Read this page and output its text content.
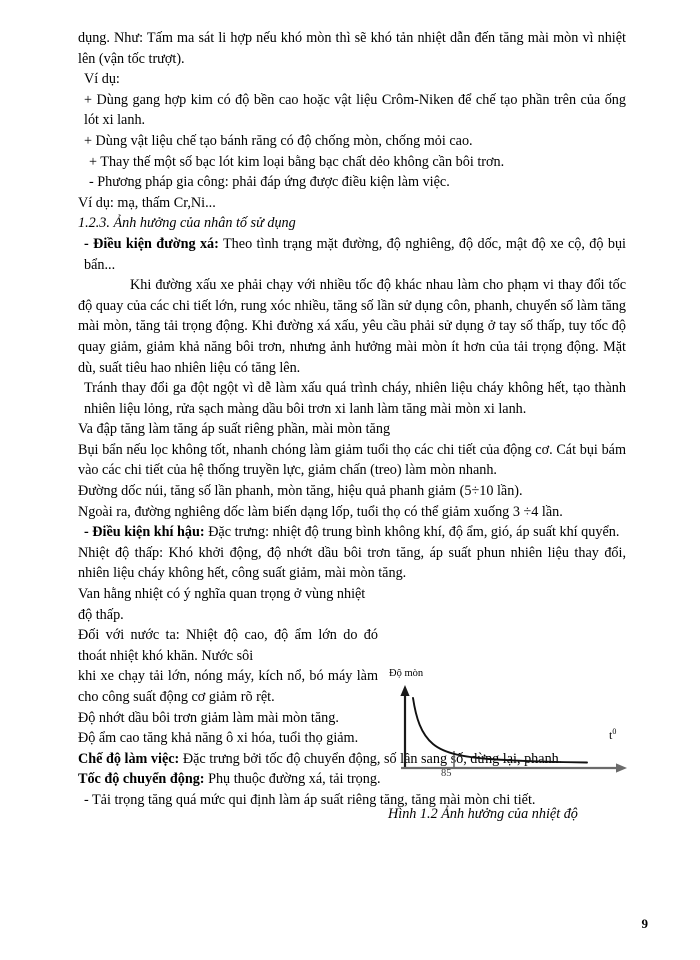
dụng. Như: Tấm ma sát li hợp nếu khó mòn thì sẽ khó tản nhiệt dẫn đến tăng mài mòn vì nhiệt lên (vận tốc trượt).

Ví dụ:

+ Dùng gang hợp kim có độ bền cao hoặc vật liệu Crôm-Niken để chế tạo phần trên của ống lót xi lanh.

+ Dùng vật liệu chế tạo bánh răng có độ chống mòn, chống mỏi cao.

+ Thay thế một số bạc lót kim loại bằng bạc chất dẻo không cần bôi trơn.

- Phương pháp gia công: phải đáp ứng được điều kiện làm việc.

Ví dụ: mạ, thấm Cr,Ni...

1.2.3. Ảnh hưởng của nhân tố sử dụng

- Điều kiện đường xá: Theo tình trạng mặt đường, độ nghiêng, độ dốc, mật độ xe cộ, độ bụi bẩn...

Khi đường xấu xe phải chạy với nhiều tốc độ khác nhau làm cho phạm vi thay đổi tốc độ quay của các chi tiết lớn, rung xóc nhiều, tăng số lần sử dụng côn, phanh, chuyển số làm tăng mài mòn, tăng tải trọng động. Khi đường xá xấu, yêu cầu phải sử dụng ở tay số thấp, tuy tốc độ quay giảm, giảm khả năng bôi trơn, nhưng ảnh hưởng mài mòn ít hơn của tải trọng động. Mặt dù, suất tiêu hao nhiên liệu có tăng lên.

Tránh thay đổi ga đột ngột vì dễ làm xấu quá trình cháy, nhiên liệu cháy không hết, tạo thành nhiên liệu lỏng, rửa sạch màng dầu bôi trơn xi lanh làm tăng mài mòn xi lanh.

Va đập tăng làm tăng áp suất riêng phần, mài mòn tăng

Bụi bẩn nếu lọc không tốt, nhanh chóng làm giảm tuổi thọ các chi tiết của động cơ. Cát bụi bám vào các chi tiết của hệ thống truyền lực, giảm chấn (treo) làm mòn nhanh.

Đường dốc núi, tăng số lần phanh, mòn tăng, hiệu quả phanh giảm (5÷10 lần).

Ngoài ra, đường nghiêng dốc làm biến dạng lốp, tuổi thọ có thể giảm xuống 3 ÷4 lần.

- Điều kiện khí hậu: Đặc trưng: nhiệt độ trung bình không khí, độ ẩm, gió, áp suất khí quyển.

Nhiệt độ thấp: Khó khởi động, độ nhớt dầu bôi trơn tăng, áp suất phun nhiên liệu thay đổi, nhiên liệu cháy không hết, công suất giảm, mài mòn tăng.

Van hằng nhiệt có ý nghĩa quan trọng ở vùng nhiệt độ thấp.

Đối với nước ta: Nhiệt độ cao, độ ẩm lớn do đó thoát nhiệt khó khăn. Nước sôi

khi xe chạy tải lớn, nóng máy, kích nổ, bó máy làm cho công suất động cơ giảm rõ rệt.

Độ nhớt dầu bôi trơn giảm làm mài mòn tăng.

Độ ẩm cao tăng khả năng ô xi hóa, tuổi thọ giảm.

Chế độ làm việc: Đặc trưng bởi tốc độ chuyển động, số lần sang số, dừng lại, phanh.

Tốc độ chuyển động: Phụ thuộc đường xá, tải trọng.

- Tải trọng tăng quá mức qui định làm áp suất riêng tăng, tăng mài mòn chi tiết.

Độ mòn
85
$t^0$
Hình 1.2 Ảnh hưởng của nhiệt độ
9
